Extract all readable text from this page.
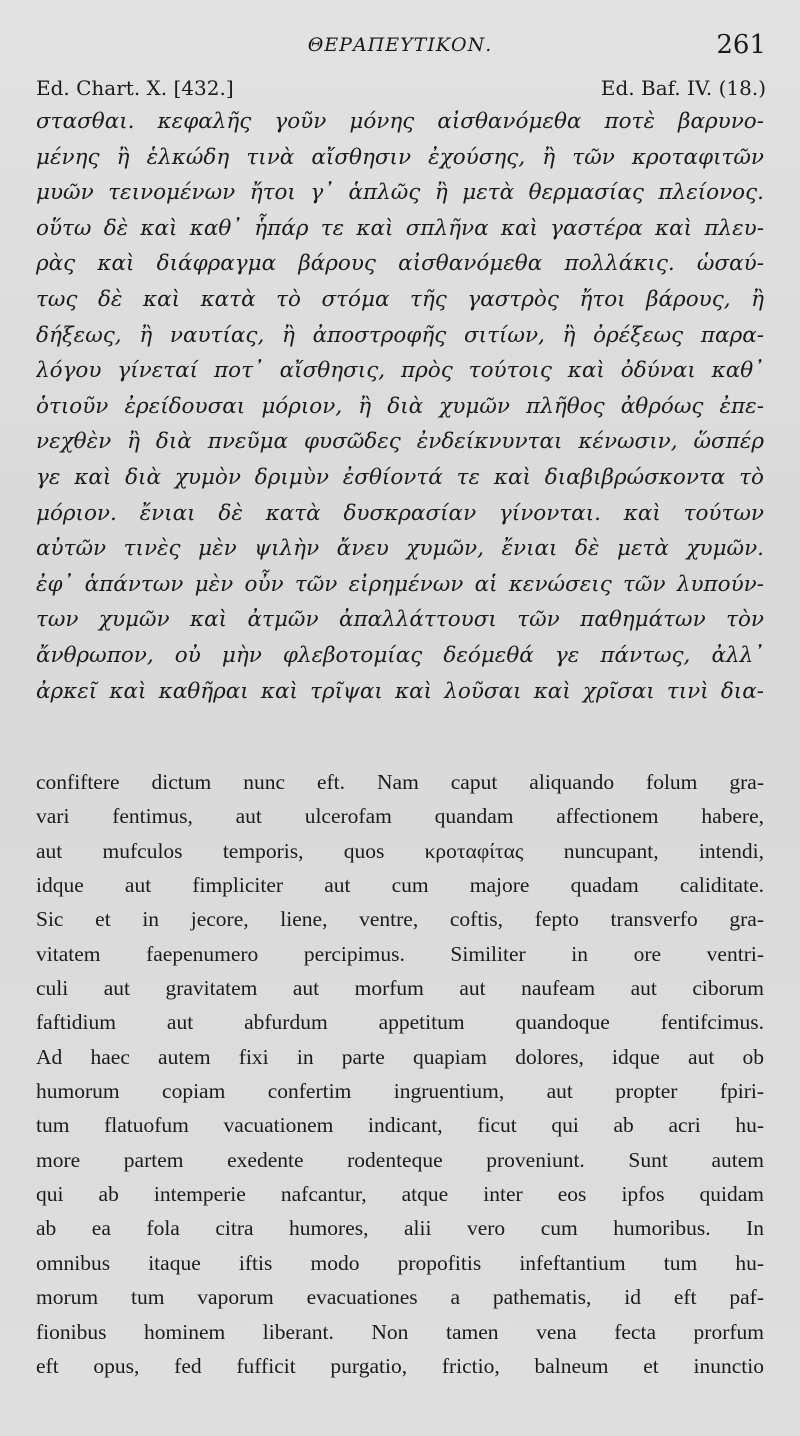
ΘΕΡΑΠΕΥΤΙΚΟΝ.	261
Ed. Chart. X. [432.]	Ed. Baf. IV. (18.)
στασθαι. κεφαλῆς γοῦν μόνης αἰσθανόμεθα ποτὲ βαρυνο-
μένης ἢ ἑλκώδη τινὰ αἴσθησιν ἐχούσης, ἢ τῶν κροταφιτῶν
μυῶν τεινομένων ἤτοι γ᾽ ἁπλῶς ἢ μετὰ θερμασίας πλείονος.
οὕτω δὲ καὶ καθ᾽ ἧπάρ τε καὶ σπλῆνα καὶ γαστέρα καὶ πλευ-
ρὰς καὶ διάφραγμα βάρους αἰσθανόμεθα πολλάκις. ὡσαύ-
τως δὲ καὶ κατὰ τὸ στόμα τῆς γαστρὸς ἤτοι βάρους, ἢ
δήξεως, ἢ ναυτίας, ἢ ἀποστροφῆς σιτίων, ἢ ὀρέξεως παρα-
λόγου γίνεταί ποτ᾽ αἴσθησις, πρὸς τούτοις καὶ ὀδύναι καθ᾽
ὁτιοῦν ἐρείδουσαι μόριον, ἢ διὰ χυμῶν πλῆθος ἀθρόως ἐπε-
νεχθὲν ἢ διὰ πνεῦμα φυσῶδες ἐνδείκνυνται κένωσιν, ὥσπέρ
γε καὶ διὰ χυμὸν δριμὺν ἐσθίοντά τε καὶ διαβιβρώσκοντα τὸ
μόριον. ἔνιαι δὲ κατὰ δυσκρασίαν γίνονται. καὶ τούτων
αὐτῶν τινὲς μὲν ψιλὴν ἄνευ χυμῶν, ἔνιαι δὲ μετὰ χυμῶν.
ἐφ᾽ ἁπάντων μὲν οὖν τῶν εἰρημένων αἱ κενώσεις τῶν λυπούν-
των χυμῶν καὶ ἀτμῶν ἀπαλλάττουσι τῶν παθημάτων τὸν
ἄνθρωπον, οὐ μὴν φλεβοτομίας δεόμεθά γε πάντως, ἀλλ᾽
ἀρκεῖ καὶ καθῆραι καὶ τρῖψαι καὶ λοῦσαι καὶ χρῖσαι τινὶ δια-
confiftere dictum nunc eft. Nam caput aliquando folum gra-
vari fentimus, aut ulcerofam quandam affectionem habere,
aut mufculos temporis, quos κροταφίτας nuncupant, intendi,
idque aut fimpliciter aut cum majore quadam caliditate.
Sic et in jecore, liene, ventre, coftis, fepto transverfo gra-
vitatem faepenumero percipimus. Similiter in ore ventri-
culi aut gravitatem aut morfum aut naufeam aut ciborum
faftidium aut abfurdum appetitum quandoque fentifcimus.
Ad haec autem fixi in parte quapiam dolores, idque aut ob
humorum copiam confertim ingruentium, aut propter fpiri-
tum flatuofum vacuationem indicant, ficut qui ab acri hu-
more partem exedente rodenteque proveniunt. Sunt autem
qui ab intemperie nafcantur, atque inter eos ipfos quidam
ab ea fola citra humores, alii vero cum humoribus. In
omnibus itaque iftis modo propofitis infeftantium tum hu-
morum tum vaporum evacuationes a pathematis, id eft paf-
fionibus hominem liberant. Non tamen vena fecta prorfum
eft opus, fed fufficit purgatio, frictio, balneum et inunctio
